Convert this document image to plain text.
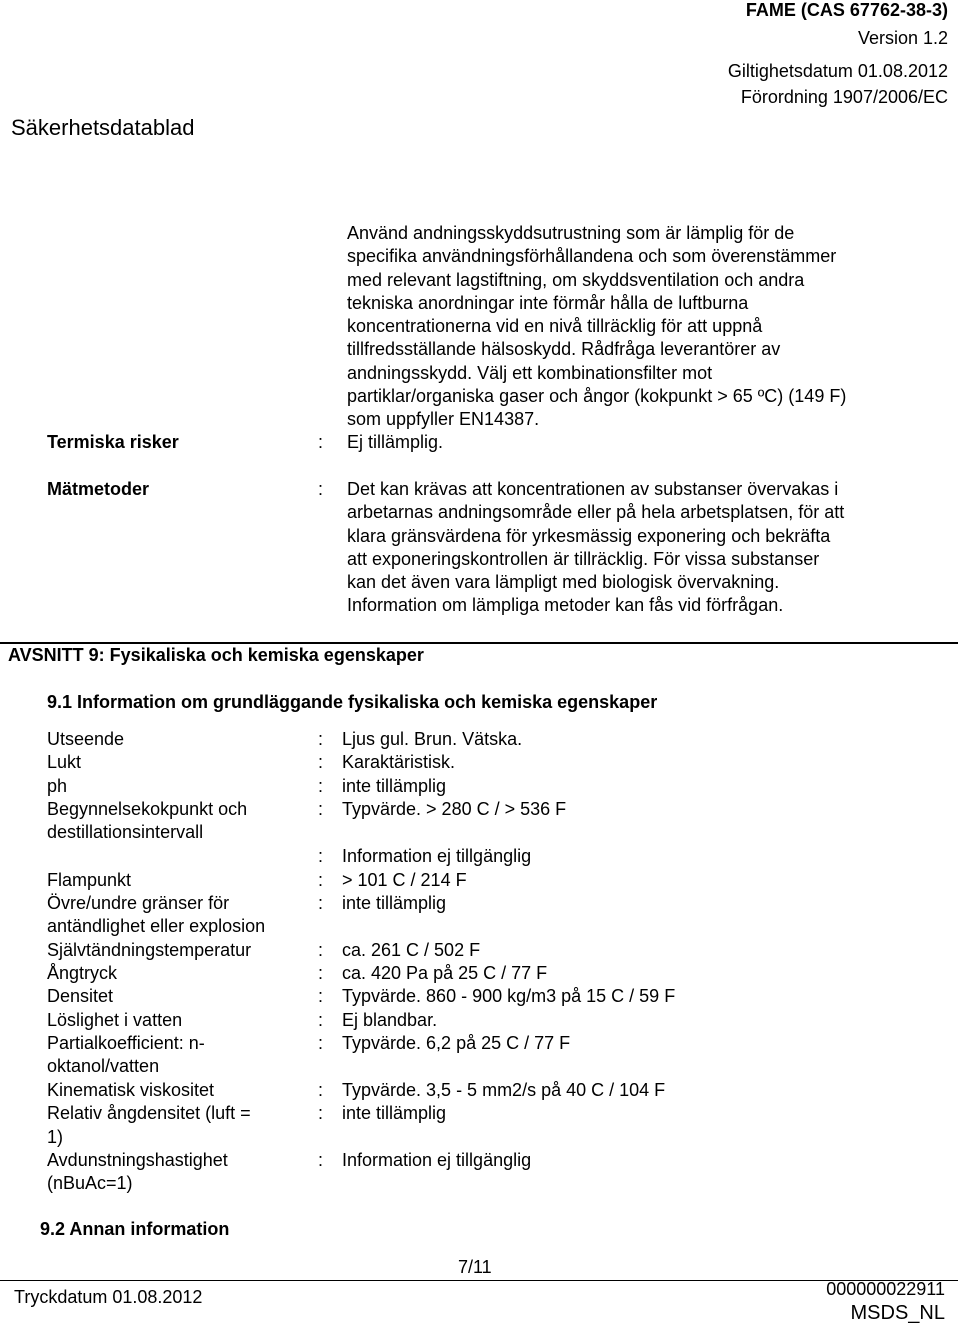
FAME (CAS 67762-38-3)
Version 1.2
Giltighetsdatum 01.08.2012
Förordning 1907/2006/EC
Säkerhetsdatablad
Använd andningsskyddsutrustning som är lämplig för de
specifika användningsförhållandena och som överenstämmer
med relevant lagstiftning, om skyddsventilation och andra
tekniska anordningar inte förmår hålla de luftburna
koncentrationerna vid en nivå tillräcklig för att uppnå
tillfredsställande hälsoskydd. Rådfråga leverantörer av
andningsskydd. Välj ett kombinationsfilter mot
partiklar/organiska gaser och ångor (kokpunkt > 65 ºC) (149 F)
som uppfyller EN14387.
Termiska risker	: Ej tillämplig.
Mätmetoder	: Det kan krävas att koncentrationen av substanser övervakas i
arbetarnas andningsområde eller på hela arbetsplatsen, för att
klara gränsvärdena för yrkesmässig exponering och bekräfta
att exponeringskontrollen är tillräcklig. För vissa substanser
kan det även vara lämpligt med biologisk övervakning.
Information om lämpliga metoder kan fås vid förfrågan.
AVSNITT 9: Fysikaliska och kemiska egenskaper
9.1 Information om grundläggande fysikaliska och kemiska egenskaper
Utseende	: Ljus gul. Brun. Vätska.
Lukt	: Karaktäristisk.
ph	: inte tillämplig
Begynnelsekokpunkt och
destillationsintervall
: Typvärde. > 280 C / > 536 F
: Information ej tillgänglig
Flampunkt	: > 101 C / 214 F
Övre/undre gränser för
antändlighet eller explosion
: inte tillämplig
Självtändningstemperatur	: ca. 261 C / 502 F
Ångtryck	: ca. 420 Pa på 25 C / 77 F
Densitet	: Typvärde. 860 - 900 kg/m3 på 15 C / 59 F
Löslighet i vatten	: Ej blandbar.
Partialkoefficient: n-
oktanol/vatten
: Typvärde. 6,2 på 25 C / 77 F
Kinematisk viskositet	: Typvärde. 3,5 - 5 mm2/s på 40 C / 104 F
Relativ ångdensitet (luft =
1)
: inte tillämplig
Avdunstningshastighet
(nBuAc=1)
: Information ej tillgänglig
9.2 Annan information
7/11
Tryckdatum 01.08.2012	000000022911
MSDS_NL
